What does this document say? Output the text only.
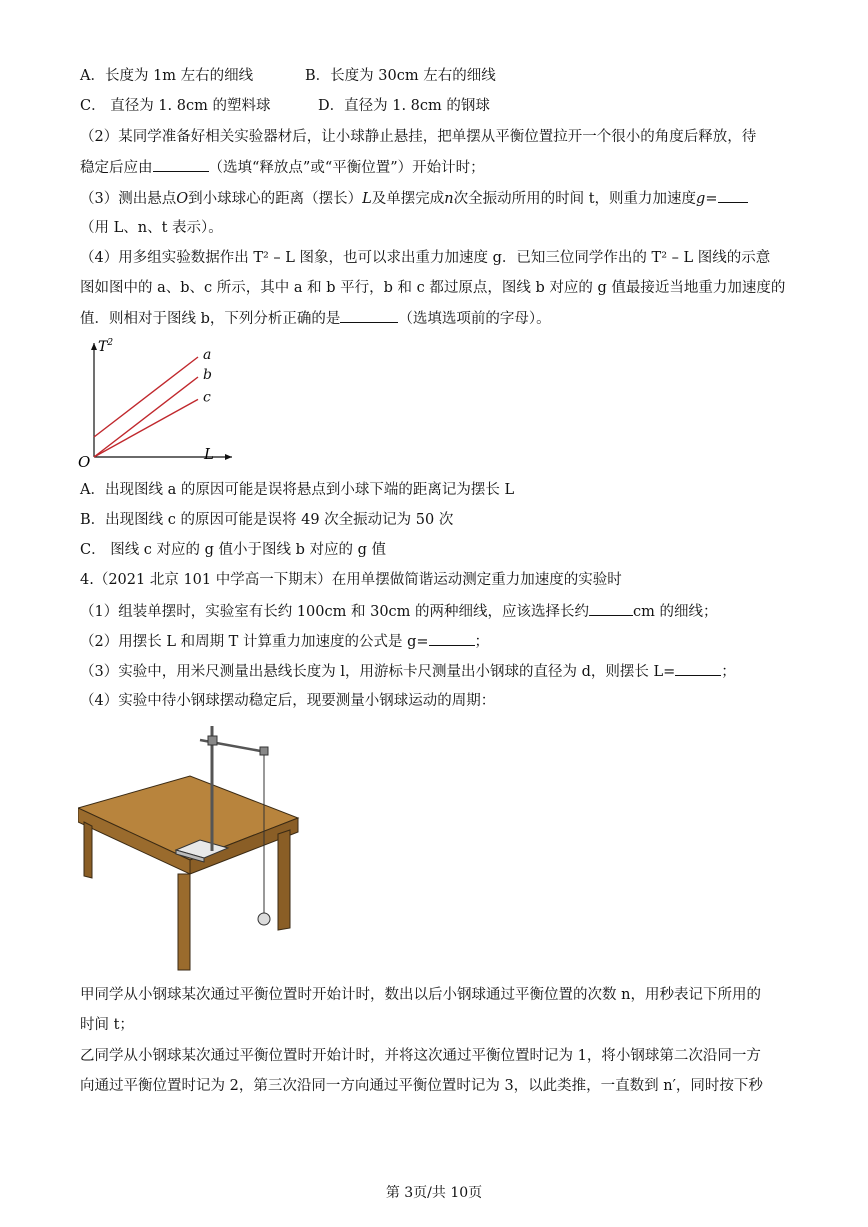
A．长度为 1m 左右的细线	B．长度为 30cm 左右的细线
C． 直径为 1. 8cm 的塑料球	D．直径为 1. 8cm 的钢球
（2）某同学准备好相关实验器材后，让小球静止悬挂，把单摆从平衡位置拉开一个很小的角度后释放，待
稳定后应由	（选填“释放点”或“平衡位置”）开始计时；
（3）测出悬点O到小球球心的距离（摆长）L及单摆完成n次全振动所用的时间 t，则重力加速度g=
（用 L、n、t 表示）。
（4）用多组实验数据作出 T² – L 图象，也可以求出重力加速度 g．已知三位同学作出的 T² – L 图线的示意
图如图中的 a、b、c 所示，其中 a 和 b 平行，b 和 c 都过原点，图线 b 对应的 g 值最接近当地重力加速度的
值．则相对于图线 b，下列分析正确的是	（选填选项前的字母）。
a
b
c
$T^2$
L
O
A．出现图线 a 的原因可能是误将悬点到小球下端的距离记为摆长 L
B．出现图线 c 的原因可能是误将 49 次全振动记为 50 次
C． 图线 c 对应的 g 值小于图线 b 对应的 g 值
4.（2021 北京 101 中学高一下期末）在用单摆做简谐运动测定重力加速度的实验时
（1）组装单摆时，实验室有长约 100cm 和 30cm 的两种细线，应该选择长约	cm 的细线；
（2）用摆长 L 和周期 T 计算重力加速度的公式是 g=	；
（3）实验中，用米尺测量出悬线长度为 l，用游标卡尺测量出小钢球的直径为 d，则摆长 L=	；
（4）实验中待小钢球摆动稳定后，现要测量小钢球运动的周期：
甲同学从小钢球某次通过平衡位置时开始计时，数出以后小钢球通过平衡位置的次数 n，用秒表记下所用的
时间 t；
乙同学从小钢球某次通过平衡位置时开始计时，并将这次通过平衡位置时记为 1，将小钢球第二次沿同一方
向通过平衡位置时记为 2，第三次沿同一方向通过平衡位置时记为 3，以此类推，一直数到 n′，同时按下秒
第 3页/共 10页
